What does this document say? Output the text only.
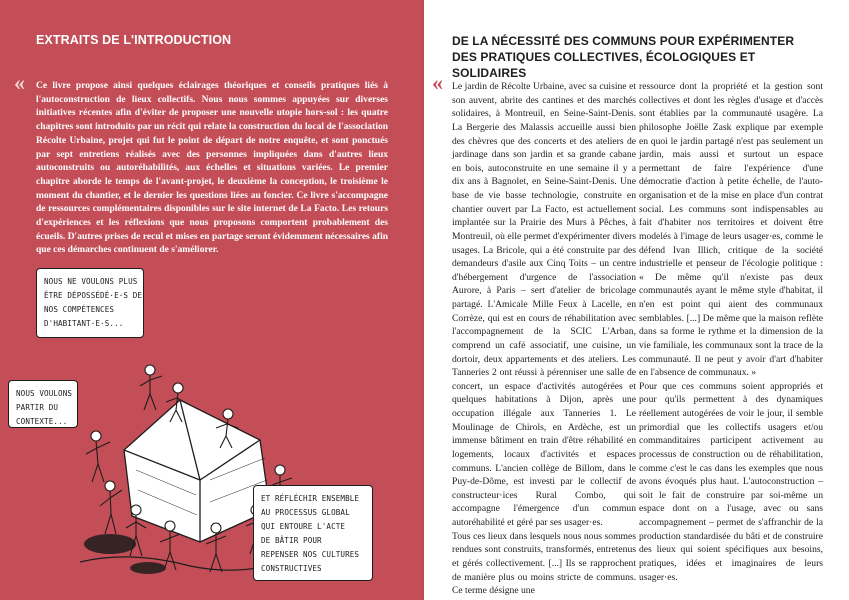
EXTRAITS DE L'INTRODUCTION
« Ce livre propose ainsi quelques éclairages théoriques et conseils pratiques liés à l'autoconstruction de lieux collectifs. Nous nous sommes appuyées sur diverses initiatives récentes afin d'éviter de proposer une nouvelle utopie hors-sol : les quatre chapitres sont introduits par un récit qui relate la construction du local de l'association Récolte Urbaine, projet qui fut le point de départ de notre enquête, et sont ponctués par sept entretiens réalisés avec des personnes impliquées dans d'autres lieux autoconstruits ou autoréhabilités, aux échelles et situations variées. Le premier chapitre aborde le temps de l'avant-projet, le deuxième la conception, le troisième le moment du chantier, et le dernier les questions liées au foncier. Ce livre s'accompagne de ressources complémentaires disponibles sur le site internet de La Facto. Les retours d'expériences et les réflexions que nous proposons comportent probablement des écueils. D'autres prises de recul et mises en partage seront évidemment nécessaires afin que ces démarches continuent de s'améliorer.

NOUS NE VOULONS PLUS
ÊTRE DÉPOSSÉDÉ·E·S DE
NOS COMPÉTENCES
D'HABITANT·E·S...
NOUS VOULONS
PARTIR DU
CONTEXTE...
ET RÉFLÉCHIR ENSEMBLE
AU PROCESSUS GLOBAL
QUI ENTOURE L'ACTE
DE BÂTIR POUR
REPENSER NOS CULTURES
CONSTRUCTIVES
DE LA NÉCESSITÉ DES COMMUNS POUR EXPÉRIMENTER DES PRATIQUES COLLECTIVES, ÉCOLOGIQUES ET SOLIDAIRES
« Le jardin de Récolte Urbaine, avec sa cuisine et son auvent, abrite des cantines et des marchés solidaires, à Montreuil, en Seine-Saint-Denis. La Bergerie des Malassis accueille aussi bien des chèvres que des concerts et des ateliers de jardinage dans son jardin et sa grande cabane en bois, autoconstruite en une semaine il y a dix ans à Bagnolet, en Seine-Saint-Denis. Une base de vie basse technologie, construite en chantier ouvert par La Facto, est actuellement implantée sur la Prairie des Murs à Pêches, à Montreuil, où elle permet d'expérimenter divers usages. La Bricole, qui a été construite par des demandeurs d'asile aux Cinq Toits – un centre d'hébergement d'urgence de l'association Aurore, à Paris – sert d'atelier de bricolage partagé. L'Amicale Mille Feux à Lacelle, en Corrèze, qui est en cours de réhabilitation avec l'accompagnement de la SCIC L'Arban, comprend un café associatif, une cuisine, un dortoir, deux appartements et des ateliers. Les Tanneries 2 ont réussi à pérenniser une salle de concert, un espace d'activités autogérées et quelques habitations à Dijon, après une occupation illégale aux Tanneries 1. Le Moulinage de Chirols, en Ardèche, est un immense bâtiment en train d'être réhabilité en logements, locaux d'activités et espaces communs. L'ancien collège de Billom, dans le Puy-de-Dôme, est investi par le collectif de constructeur·ices Rural Combo, qui accompagne l'émergence d'un commun autoréhabilité et géré par ses usager·es.

Tous ces lieux dans lesquels nous nous sommes rendues sont construits, transformés, entretenus et gérés collectivement. [...] Ils se rapprochent de manière plus ou moins stricte de communs. Ce terme désigne une

ressource dont la propriété et la gestion sont collectives et dont les règles d'usage et d'accès sont établies par la communauté usagère. La philosophe Joëlle Zask explique par exemple en quoi le jardin partagé n'est pas seulement un jardin, mais aussi et surtout un espace permettant de faire l'expérience d'une démocratie d'action à petite échelle, de l'auto-organisation et de la mise en place d'un contrat social. Les communs sont indispensables au fait d'habiter nos territoires et doivent être modelés à l'image de leurs usager·es, comme le défend Ivan Illich, critique de la société industrielle et penseur de l'écologie politique : « De même qu'il n'existe pas deux communautés ayant le même style d'habitat, il n'en est point qui aient des communaux semblables. [...] De même que la maison reflète dans sa forme le rythme et la dimension de la vie familiale, les communaux sont la trace de la communauté. Il ne peut y avoir d'art d'habiter en l'absence de communaux. »

Pour que ces communs soient appropriés et pour qu'ils permettent à des dynamiques réellement autogérées de voir le jour, il semble primordial que les collectifs usagers et/ou commanditaires participent activement au processus de construction ou de réhabilitation, comme c'est le cas dans les exemples que nous avons évoqués plus haut. L'autoconstruction – soit le fait de construire par soi-même un espace dont on a l'usage, avec ou sans accompagnement – permet de s'affranchir de la production standardisée du bâti et de construire des lieux qui soient spécifiques aux besoins, pratiques, idées et imaginaires de leurs usager·es.
